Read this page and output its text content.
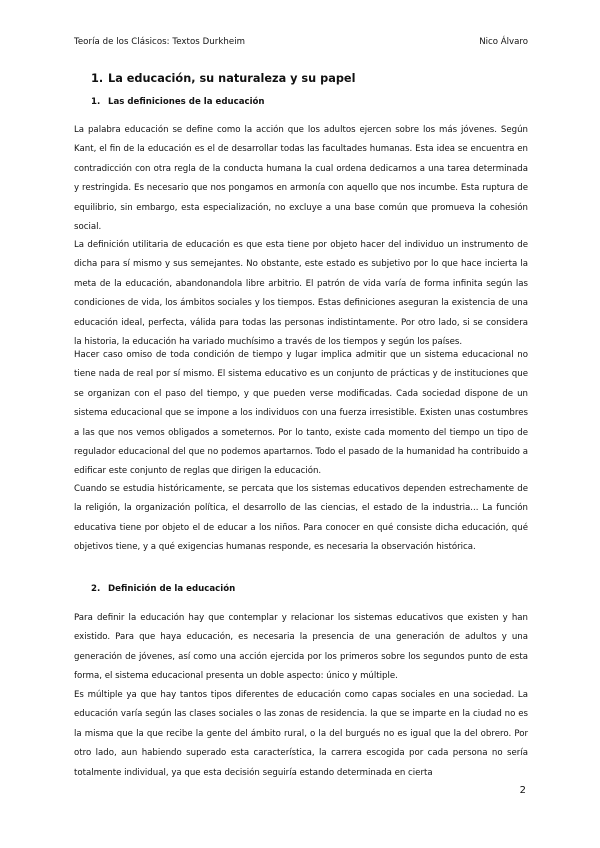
Teoría de los Clásicos: Textos Durkheim	Nico Álvaro
1. La educación, su naturaleza y su papel
1. Las definiciones de la educación

La palabra educación se define como la acción que los adultos ejercen sobre los más jóvenes. Según Kant, el fin de la educación es el de desarrollar todas las facultades humanas. Esta idea se encuentra en contradicción con otra regla de la conducta humana la cual ordena dedicarnos a una tarea determinada y restringida. Es necesario que nos pongamos en armonía con aquello que nos incumbe. Esta ruptura de equilibrio, sin embargo, esta especialización, no excluye a una base común que promueva la cohesión social.

La definición utilitaria de educación es que esta tiene por objeto hacer del individuo un instrumento de dicha para sí mismo y sus semejantes. No obstante, este estado es subjetivo por lo que hace incierta la meta de la educación, abandonandola libre arbitrio. El patrón de vida varía de forma infinita según las condiciones de vida, los ámbitos sociales y los tiempos. Estas definiciones aseguran la existencia de una educación ideal, perfecta, válida para todas las personas indistintamente. Por otro lado, si se considera la historia, la educación ha variado muchísimo a través de los tiempos y según los países.

Hacer caso omiso de toda condición de tiempo y lugar implica admitir que un sistema educacional no tiene nada de real por sí mismo. El sistema educativo es un conjunto de prácticas y de instituciones que se organizan con el paso del tiempo, y que pueden verse modificadas. Cada sociedad dispone de un sistema educacional que se impone a los individuos con una fuerza irresistible. Existen unas costumbres a las que nos vemos obligados a someternos. Por lo tanto, existe cada momento del tiempo un tipo de regulador educacional del que no podemos apartarnos. Todo el pasado de la humanidad ha contribuido a edificar este conjunto de reglas que dirigen la educación.

Cuando se estudia históricamente, se percata que los sistemas educativos dependen estrechamente de la religión, la organización política, el desarrollo de las ciencias, el estado de la industria... La función educativa tiene por objeto el de educar a los niños. Para conocer en qué consiste dicha educación, qué objetivos tiene, y a qué exigencias humanas responde, es necesaria la observación histórica.

2. Definición de la educación

Para definir la educación hay que contemplar y relacionar los sistemas educativos que existen y han existido. Para que haya educación, es necesaria la presencia de una generación de adultos y una generación de jóvenes, así como una acción ejercida por los primeros sobre los segundos punto de esta forma, el sistema educacional presenta un doble aspecto: único y múltiple.

Es múltiple ya que hay tantos tipos diferentes de educación como capas sociales en una sociedad. La educación varía según las clases sociales o las zonas de residencia. la que se imparte en la ciudad no es la misma que la que recibe la gente del ámbito rural, o la del burgués no es igual que la del obrero. Por otro lado, aun habiendo superado esta característica, la carrera escogida por cada persona no sería totalmente individual, ya que esta decisión seguiría estando determinada en cierta

2
